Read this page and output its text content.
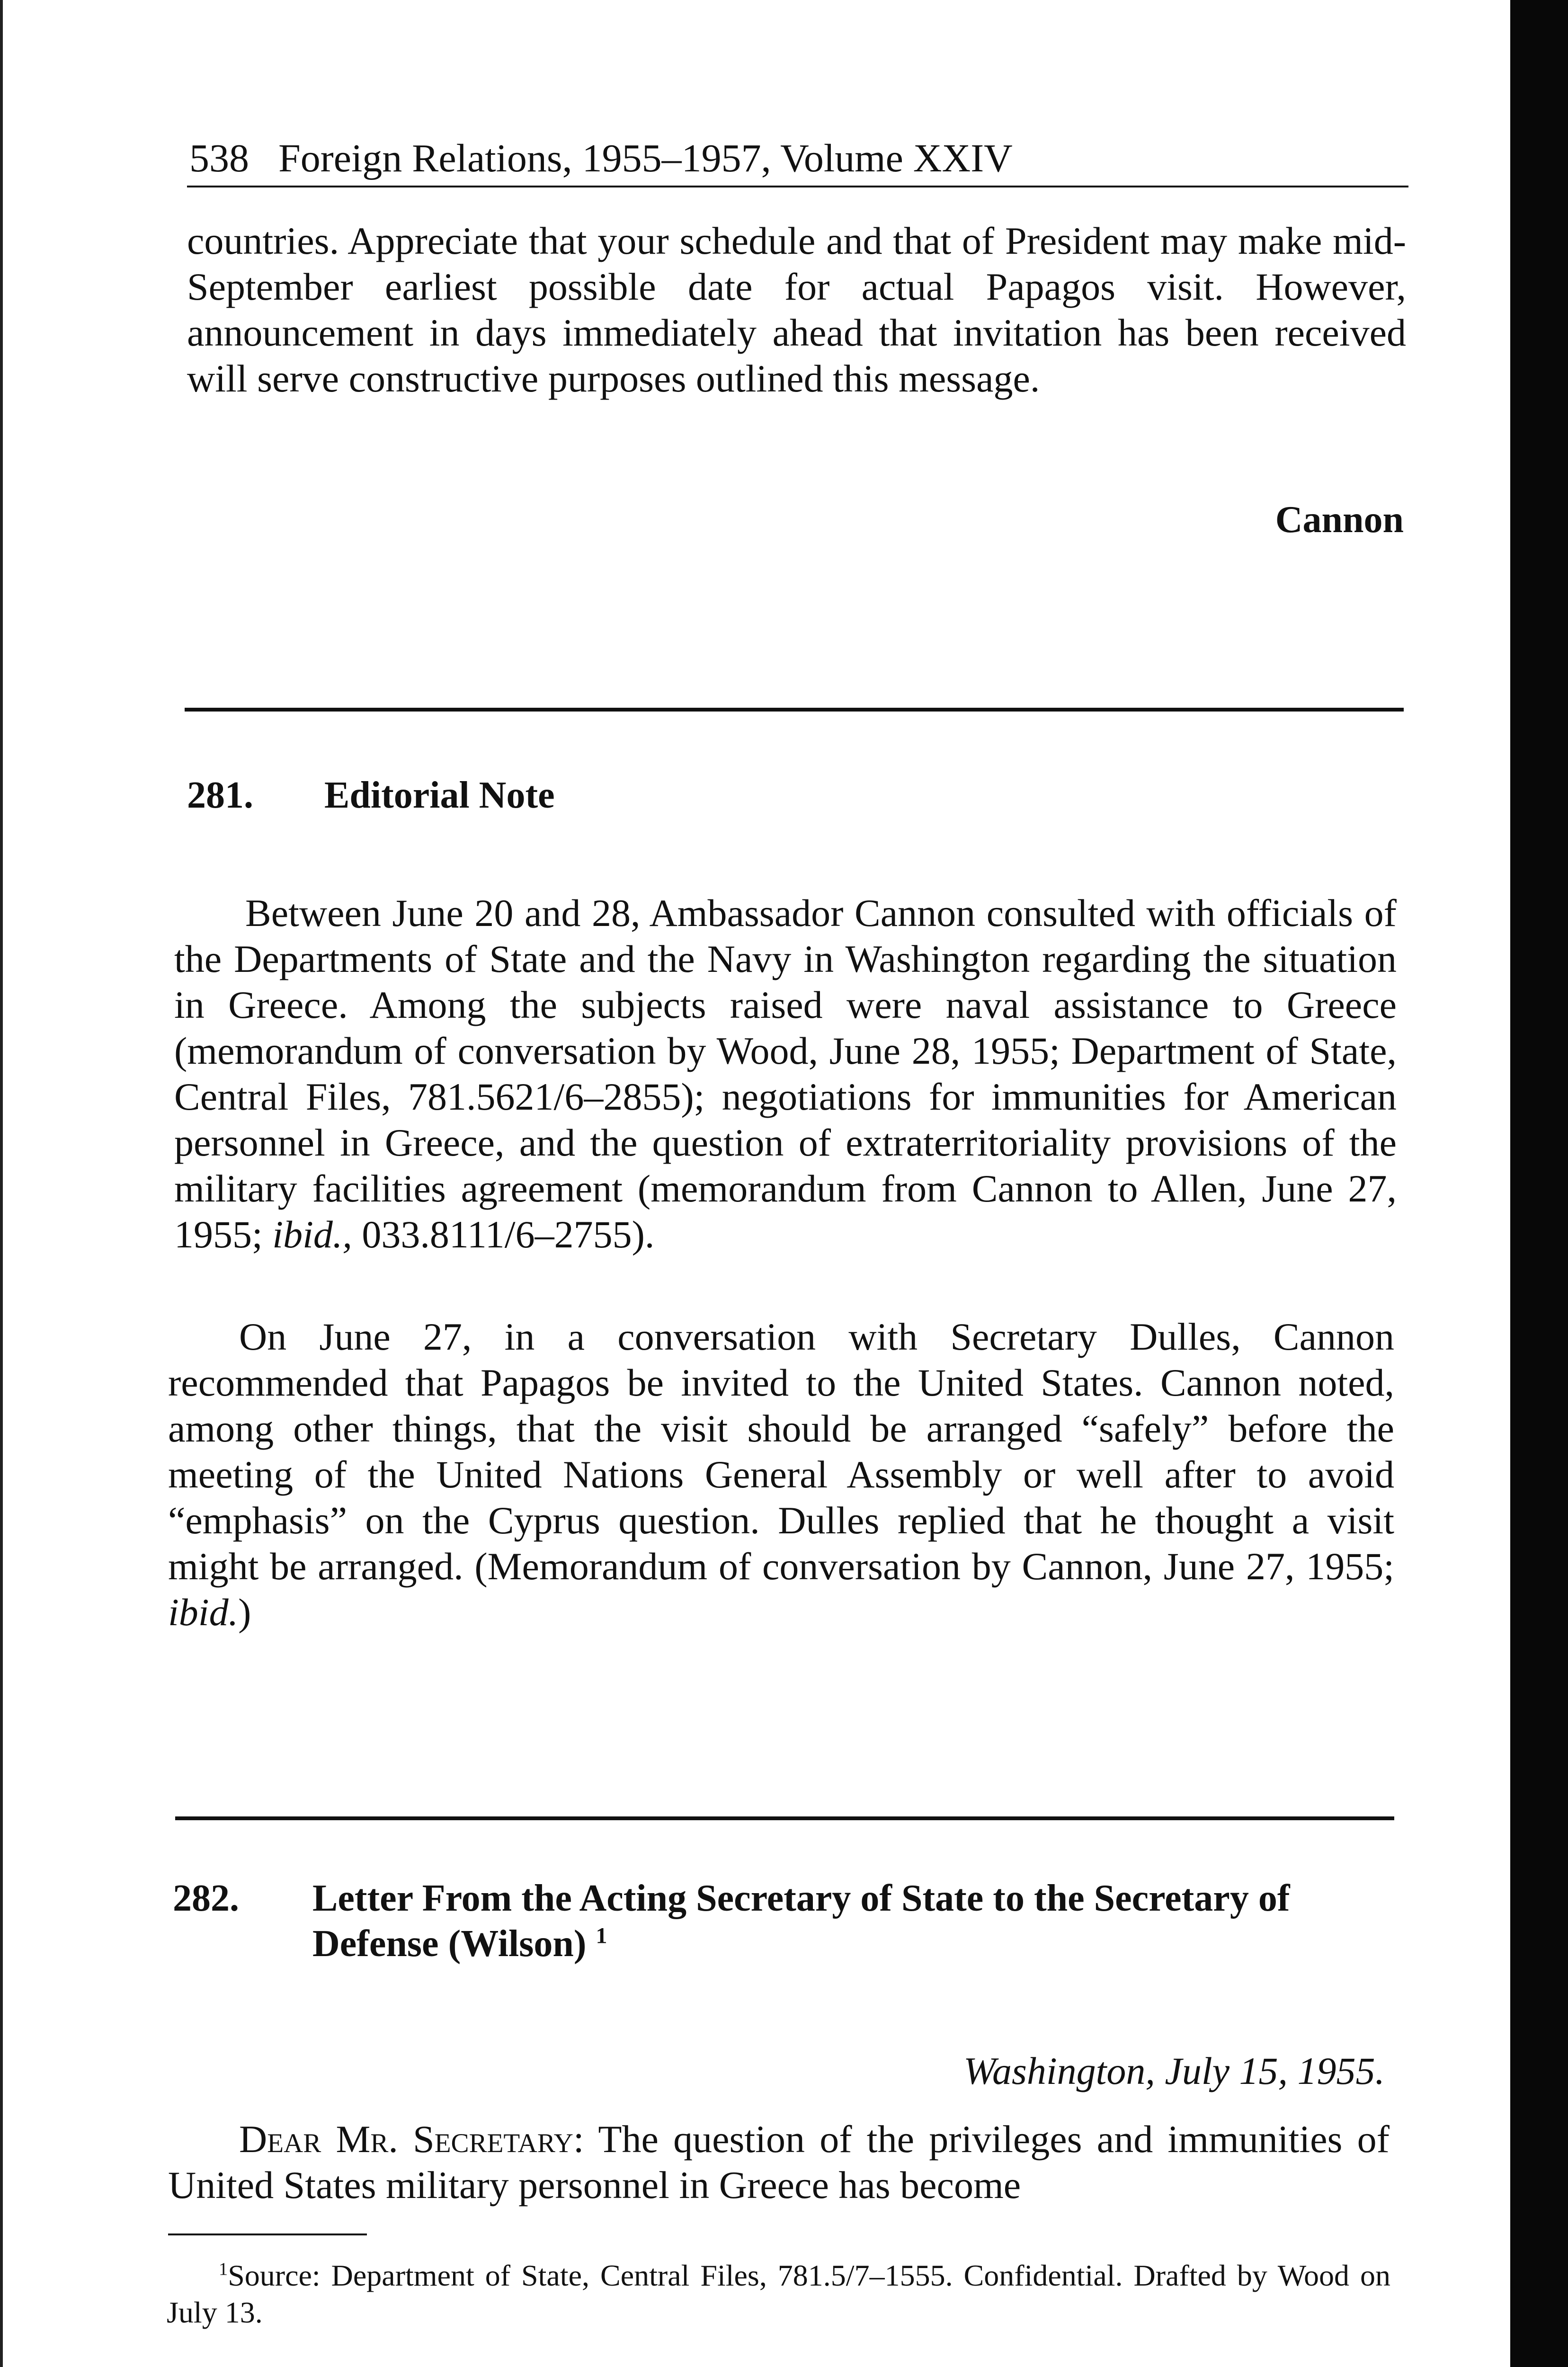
538 Foreign Relations, 1955–1957, Volume XXIV
countries. Appreciate that your schedule and that of President may make mid-September earliest possible date for actual Papagos visit. However, announcement in days immediately ahead that invitation has been received will serve constructive purposes outlined this message.
Cannon
281. Editorial Note
Between June 20 and 28, Ambassador Cannon consulted with officials of the Departments of State and the Navy in Washington regarding the situation in Greece. Among the subjects raised were naval assistance to Greece (memorandum of conversation by Wood, June 28, 1955; Department of State, Central Files, 781.5621/6–2855); negotiations for immunities for American personnel in Greece, and the question of extraterritoriality provisions of the military facilities agreement (memorandum from Cannon to Allen, June 27, 1955; ibid., 033.8111/6–2755).
On June 27, in a conversation with Secretary Dulles, Cannon recommended that Papagos be invited to the United States. Cannon noted, among other things, that the visit should be arranged “safely” before the meeting of the United Nations General Assembly or well after to avoid “emphasis” on the Cyprus question. Dulles replied that he thought a visit might be arranged. (Memorandum of conversation by Cannon, June 27, 1955; ibid.)
282. Letter From the Acting Secretary of State to the Secretary of Defense (Wilson) $^1$
Washington, July 15, 1955.
Dear Mr. Secretary: The question of the privileges and immunities of United States military personnel in Greece has become
$^1$Source: Department of State, Central Files, 781.5/7–1555. Confidential. Drafted by Wood on July 13.
